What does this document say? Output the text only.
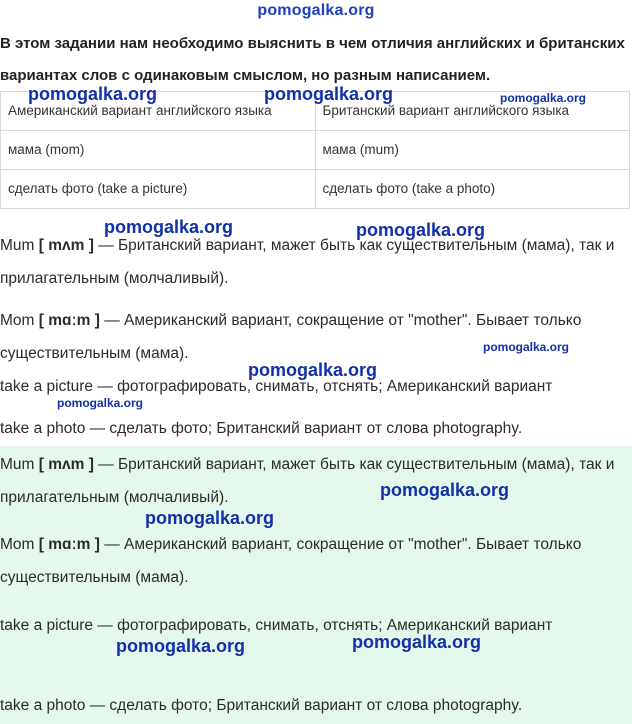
pomogalka.org
В этом задании нам необходимо выяснить в чем отличия английских и британских вариантах слов с одинаковым смыслом, но разным написанием.
Американский вариант английского языка	Британский вариант английского языка
мама (mom)	мама (mum)
сделать фото (take a picture)	сделать фото (take a photo)
Mum [ mʌm ] — Британский вариант, мажет быть как существительным (мама), так и прилагательным (молчаливый).
Mom [ mɑːm ] — Американский вариант, сокращение от "mother". Бывает только существительным (мама).
take a picture — фотографировать, снимать, отснять; Американский вариант
take a photo — сделать фото; Британский вариант от слова photography.
Mum [ mʌm ] — Британский вариант, мажет быть как существительным (мама), так и прилагательным (молчаливый).
Mom [ mɑːm ] — Американский вариант, сокращение от "mother". Бывает только существительным (мама).
take a picture — фотографировать, снимать, отснять; Американский вариант
take a photo — сделать фото; Британский вариант от слова photography.
pomogalka.org	pomogalka.org	pomogalka.org
pomogalka.org	pomogalka.org
pomogalka.org
pomogalka.org
pomogalka.org
pomogalka.org
pomogalka.org
pomogalka.org
pomogalka.org
